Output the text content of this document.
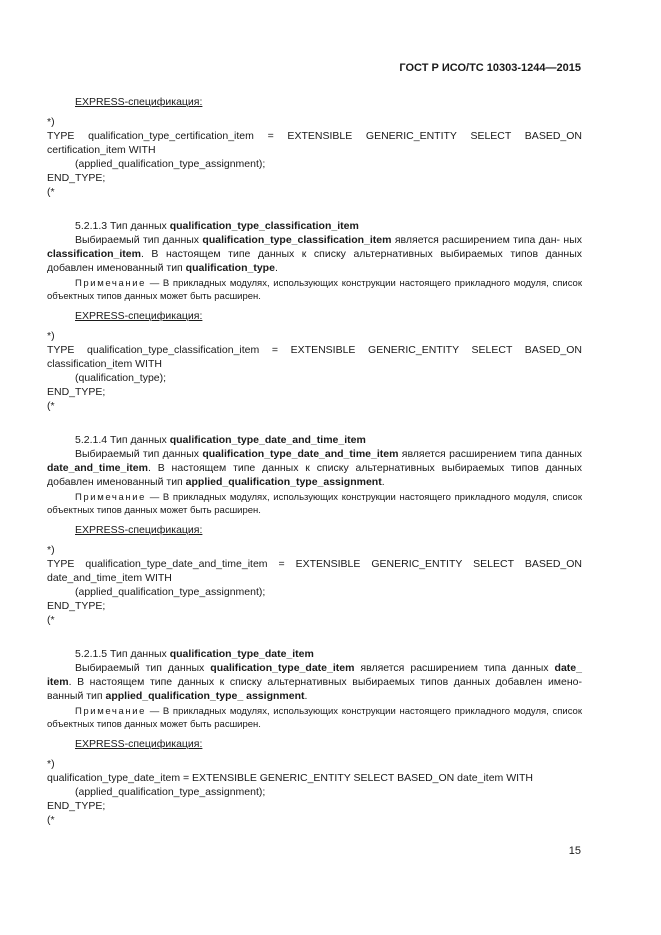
ГОСТ Р ИСО/ТС 10303-1244—2015
EXPRESS-спецификация:
*)
TYPE qualification_type_certification_item = EXTENSIBLE GENERIC_ENTITY SELECT BASED_ON
certification_item WITH
(applied_qualification_type_assignment);
END_TYPE;
(*
5.2.1.3 Тип данных qualification_type_classification_item
Выбираемый тип данных qualification_type_classification_item является расширением типа дан- ных classification_item. В настоящем типе данных к списку альтернативных выбираемых типов данных добавлен именованный тип qualification_type.
Примечание — В прикладных модулях, использующих конструкции настоящего прикладного модуля, список объектных типов данных может быть расширен.
EXPRESS-спецификация:
*)
TYPE qualification_type_classification_item = EXTENSIBLE GENERIC_ENTITY SELECT BASED_ON
classification_item WITH
(qualification_type);
END_TYPE;
(*
5.2.1.4 Тип данных qualification_type_date_and_time_item
Выбираемый тип данных qualification_type_date_and_time_item является расширением типа данных date_and_time_item. В настоящем типе данных к списку альтернативных выбираемых типов данных добавлен именованный тип applied_qualification_type_assignment.
Примечание — В прикладных модулях, использующих конструкции настоящего прикладного модуля, список объектных типов данных может быть расширен.
EXPRESS-спецификация:
*)
TYPE qualification_type_date_and_time_item = EXTENSIBLE GENERIC_ENTITY SELECT BASED_ON
date_and_time_item WITH
(applied_qualification_type_assignment);
END_TYPE;
(*
5.2.1.5 Тип данных qualification_type_date_item
Выбираемый тип данных qualification_type_date_item является расширением типа данных date_ item. В настоящем типе данных к списку альтернативных выбираемых типов данных добавлен имено- ванный тип applied_qualification_type_ assignment.
Примечание — В прикладных модулях, использующих конструкции настоящего прикладного модуля, список объектных типов данных может быть расширен.
EXPRESS-спецификация:
*)
qualification_type_date_item = EXTENSIBLE GENERIC_ENTITY SELECT BASED_ON date_item WITH
(applied_qualification_type_assignment);
END_TYPE;
(*
15
